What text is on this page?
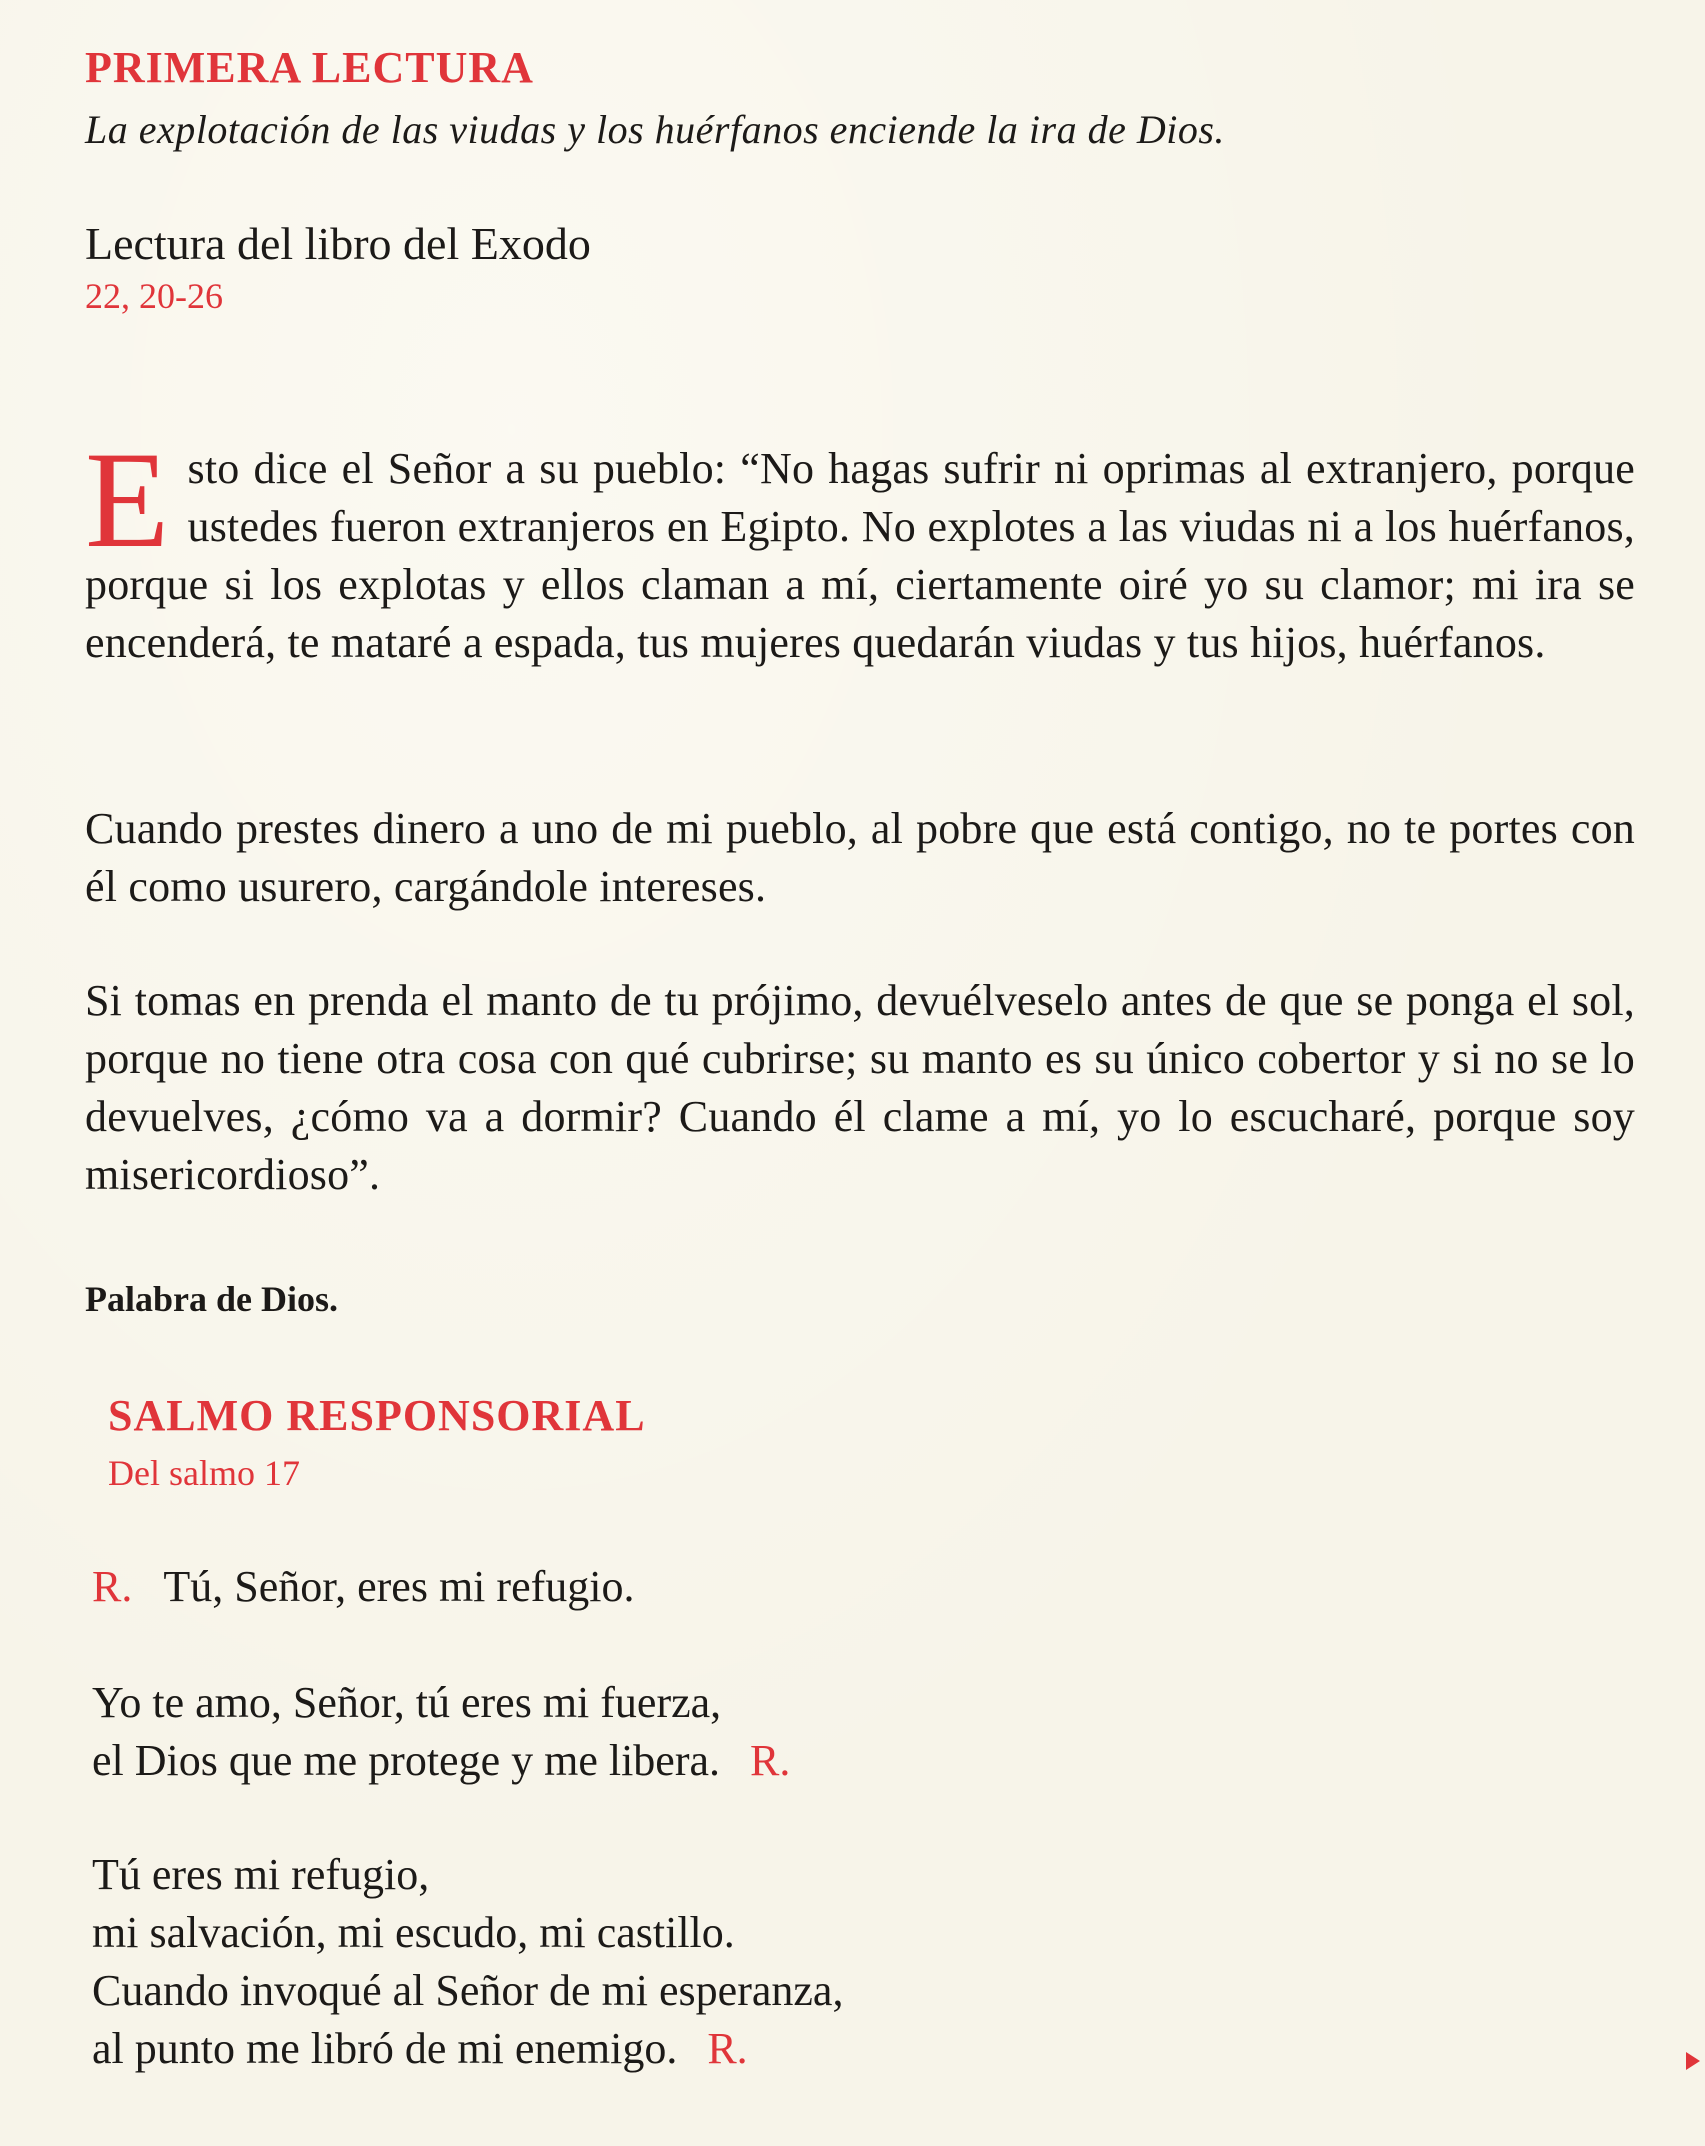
PRIMERA LECTURA

La explotación de las viudas y los huérfanos enciende la ira de Dios.

Lectura del libro del Exodo

22, 20-26

Esto dice el Señor a su pueblo: “No hagas sufrir ni oprimas al extranjero, porque ustedes fueron extranjeros en Egipto. No explotes a las viudas ni a los huérfanos, porque si los explotas y ellos claman a mí, ciertamente oiré yo su clamor; mi ira se encenderá, te mataré a espada, tus mujeres quedarán viudas y tus hijos, huérfanos.

Cuando prestes dinero a uno de mi pueblo, al pobre que está contigo, no te portes con él como usurero, cargándole intereses.

Si tomas en prenda el manto de tu prójimo, devuélveselo antes de que se ponga el sol, porque no tiene otra cosa con qué cubrirse; su manto es su único cobertor y si no se lo devuelves, ¿cómo va a dormir? Cuando él clame a mí, yo lo escucharé, porque soy misericordioso”.

Palabra de Dios.

SALMO RESPONSORIAL

Del salmo 17

R. Tú, Señor, eres mi refugio.

Yo te amo, Señor, tú eres mi fuerza,

el Dios que me protege y me libera. R.

Tú eres mi refugio,

mi salvación, mi escudo, mi castillo.

Cuando invoqué al Señor de mi esperanza,

al punto me libró de mi enemigo. R.
